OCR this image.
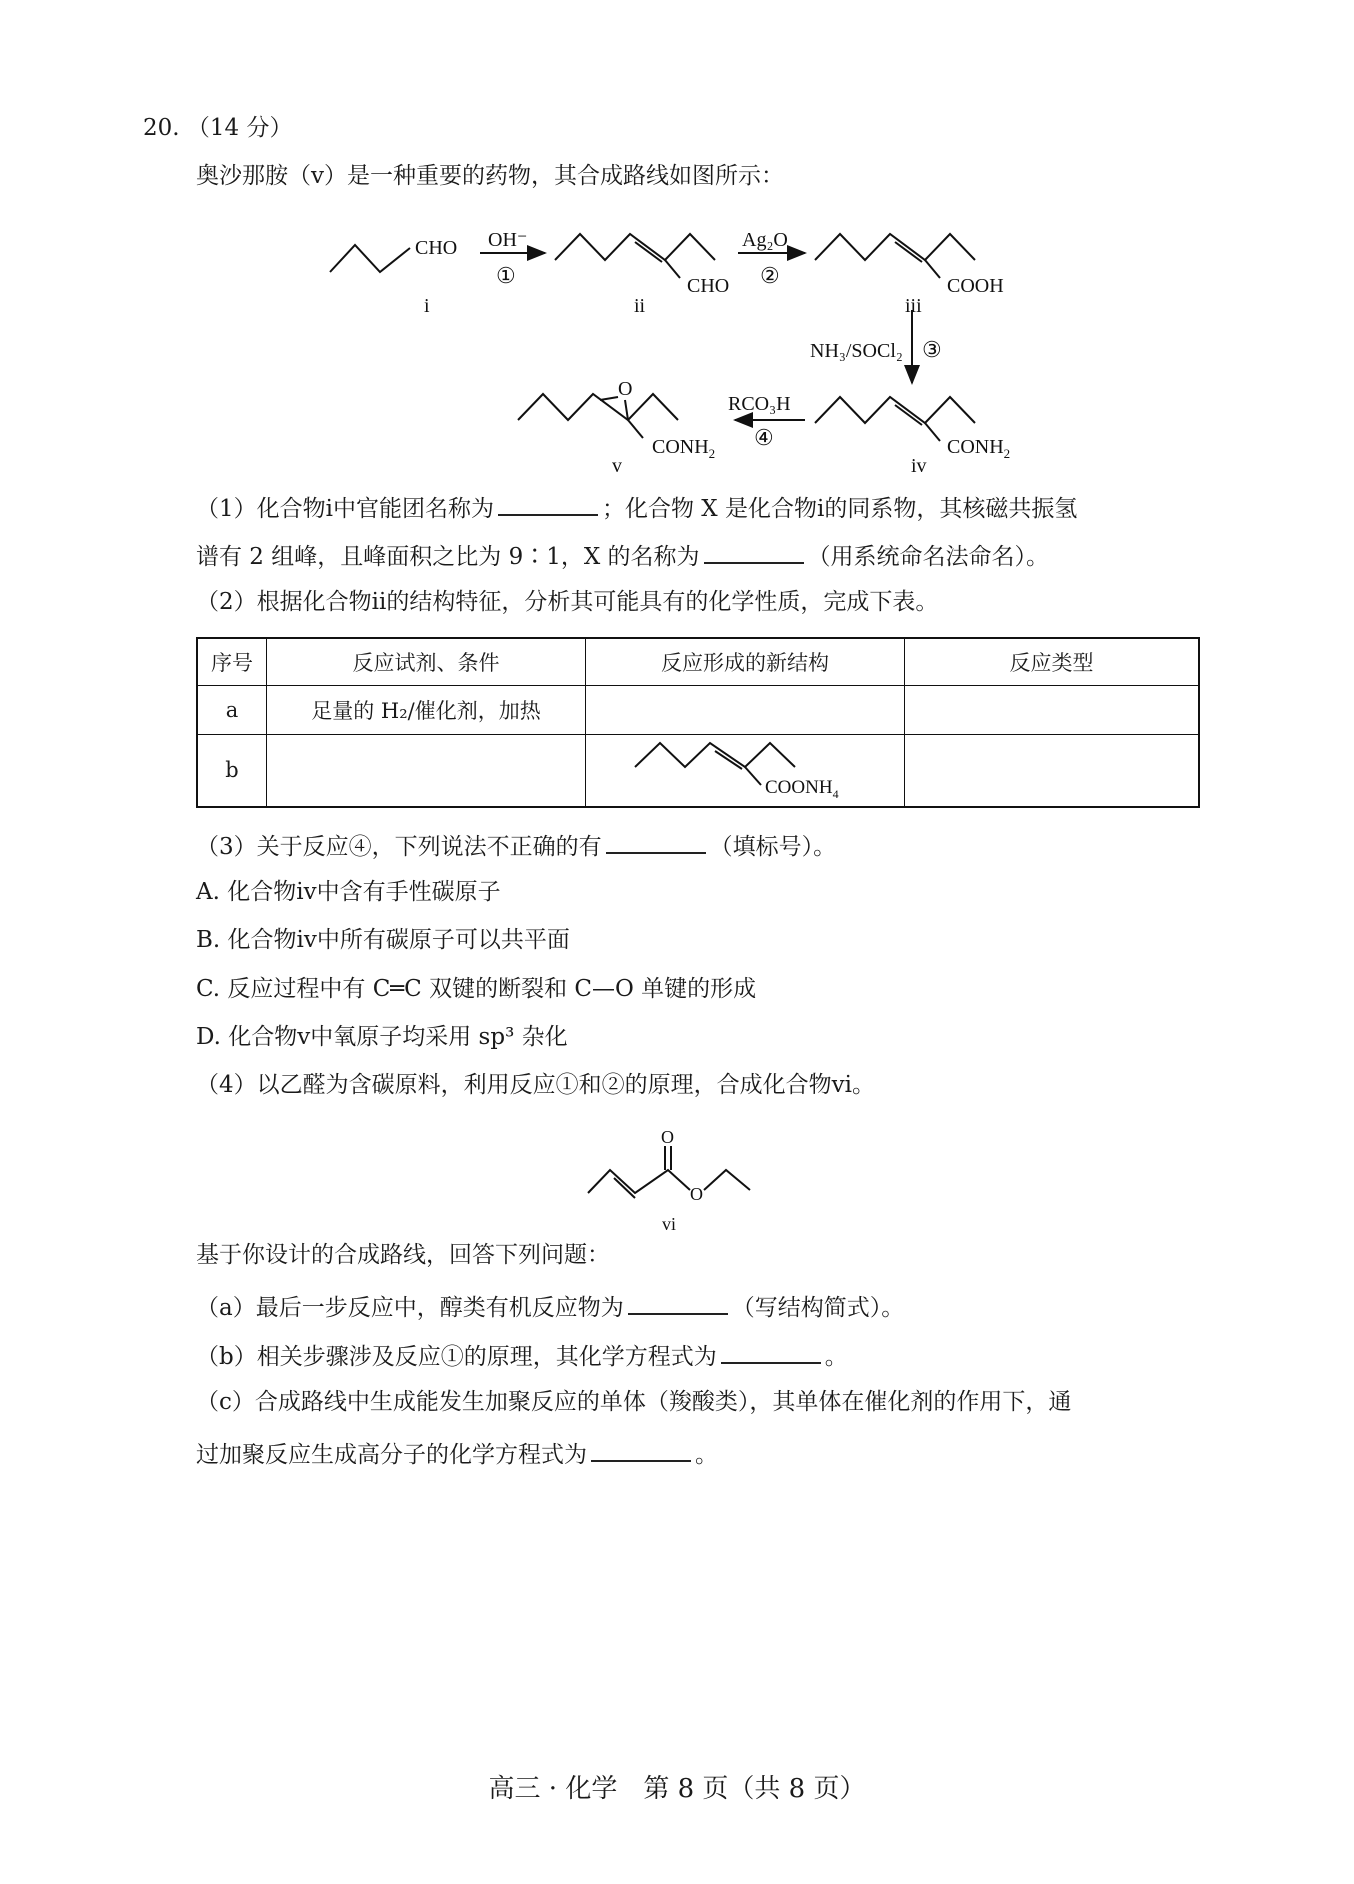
20. （14 分）
奥沙那胺（ⅴ）是一种重要的药物，其合成路线如图所示：
CHO
i
OH⁻
①	CHO
ii
Ag₂O
②	COOH
iii
NH₃/SOCl₂ ③
$CONH_2$
iv
RCO₃H
④
O
$CONH_2$
v
（1）化合物ⅰ中官能团名称为	；化合物 X 是化合物ⅰ的同系物，其核磁共振氢
谱有 2 组峰，且峰面积之比为 9∶1，X 的名称为	（用系统命名法命名）。
（2）根据化合物ⅱ的结构特征，分析其可能具有的化学性质，完成下表。
序号	反应试剂、条件	反应形成的新结构	反应类型
a	足量的 H₂/催化剂，加热		
b		$COONH_4$

（3）关于反应④，下列说法不正确的有	（填标号）。
A. 化合物ⅳ中含有手性碳原子
B. 化合物ⅳ中所有碳原子可以共平面
C. 反应过程中有 C═C 双键的断裂和 C—O 单键的形成
D. 化合物ⅴ中氧原子均采用 sp³ 杂化
（4）以乙醛为含碳原料，利用反应①和②的原理，合成化合物ⅵ。
O
O
vi
基于你设计的合成路线，回答下列问题：
（a）最后一步反应中，醇类有机反应物为	（写结构简式）。
（b）相关步骤涉及反应①的原理，其化学方程式为	。
（c）合成路线中生成能发生加聚反应的单体（羧酸类），其单体在催化剂的作用下，通
过加聚反应生成高分子的化学方程式为	。
高三 · 化学　第 8 页（共 8 页）
